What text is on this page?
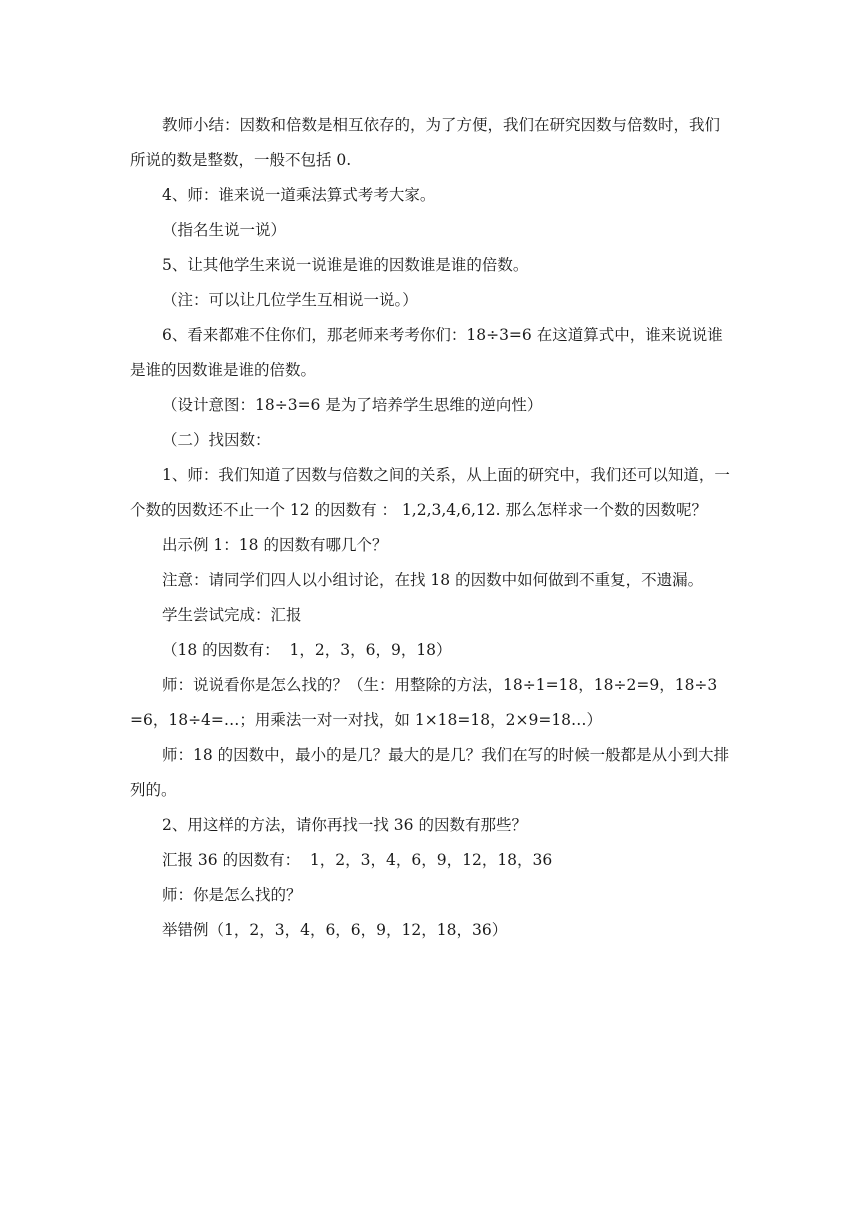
教师小结：因数和倍数是相互依存的，为了方便，我们在研究因数与倍数时，我们所说的数是整数，一般不包括 0.

4、师：谁来说一道乘法算式考考大家。

（指名生说一说）

5、让其他学生来说一说谁是谁的因数谁是谁的倍数。

（注：可以让几位学生互相说一说。）

6、看来都难不住你们，那老师来考考你们：18÷3=6 在这道算式中，谁来说说谁是谁的因数谁是谁的倍数。

（设计意图：18÷3=6 是为了培养学生思维的逆向性）

（二）找因数：

1、师：我们知道了因数与倍数之间的关系，从上面的研究中，我们还可以知道，一个数的因数还不止一个 12 的因数有 ： 1,2,3,4,6,12. 那么怎样求一个数的因数呢？

出示例 1：18 的因数有哪几个？

注意：请同学们四人以小组讨论，在找 18 的因数中如何做到不重复，不遗漏。

学生尝试完成：汇报

（18 的因数有：  1，2，3，6，9，18）

师：说说看你是怎么找的？（生：用整除的方法，18÷1=18，18÷2=9，18÷3=6，18÷4=…；用乘法一对一对找，如 1×18=18，2×9=18…）

师：18 的因数中，最小的是几？最大的是几？我们在写的时候一般都是从小到大排列的。

2、用这样的方法，请你再找一找 36 的因数有那些？

汇报 36 的因数有：  1，2，3，4，6，9，12，18，36

师：你是怎么找的？

举错例（1，2，3，4，6，6，9，12，18，36）
